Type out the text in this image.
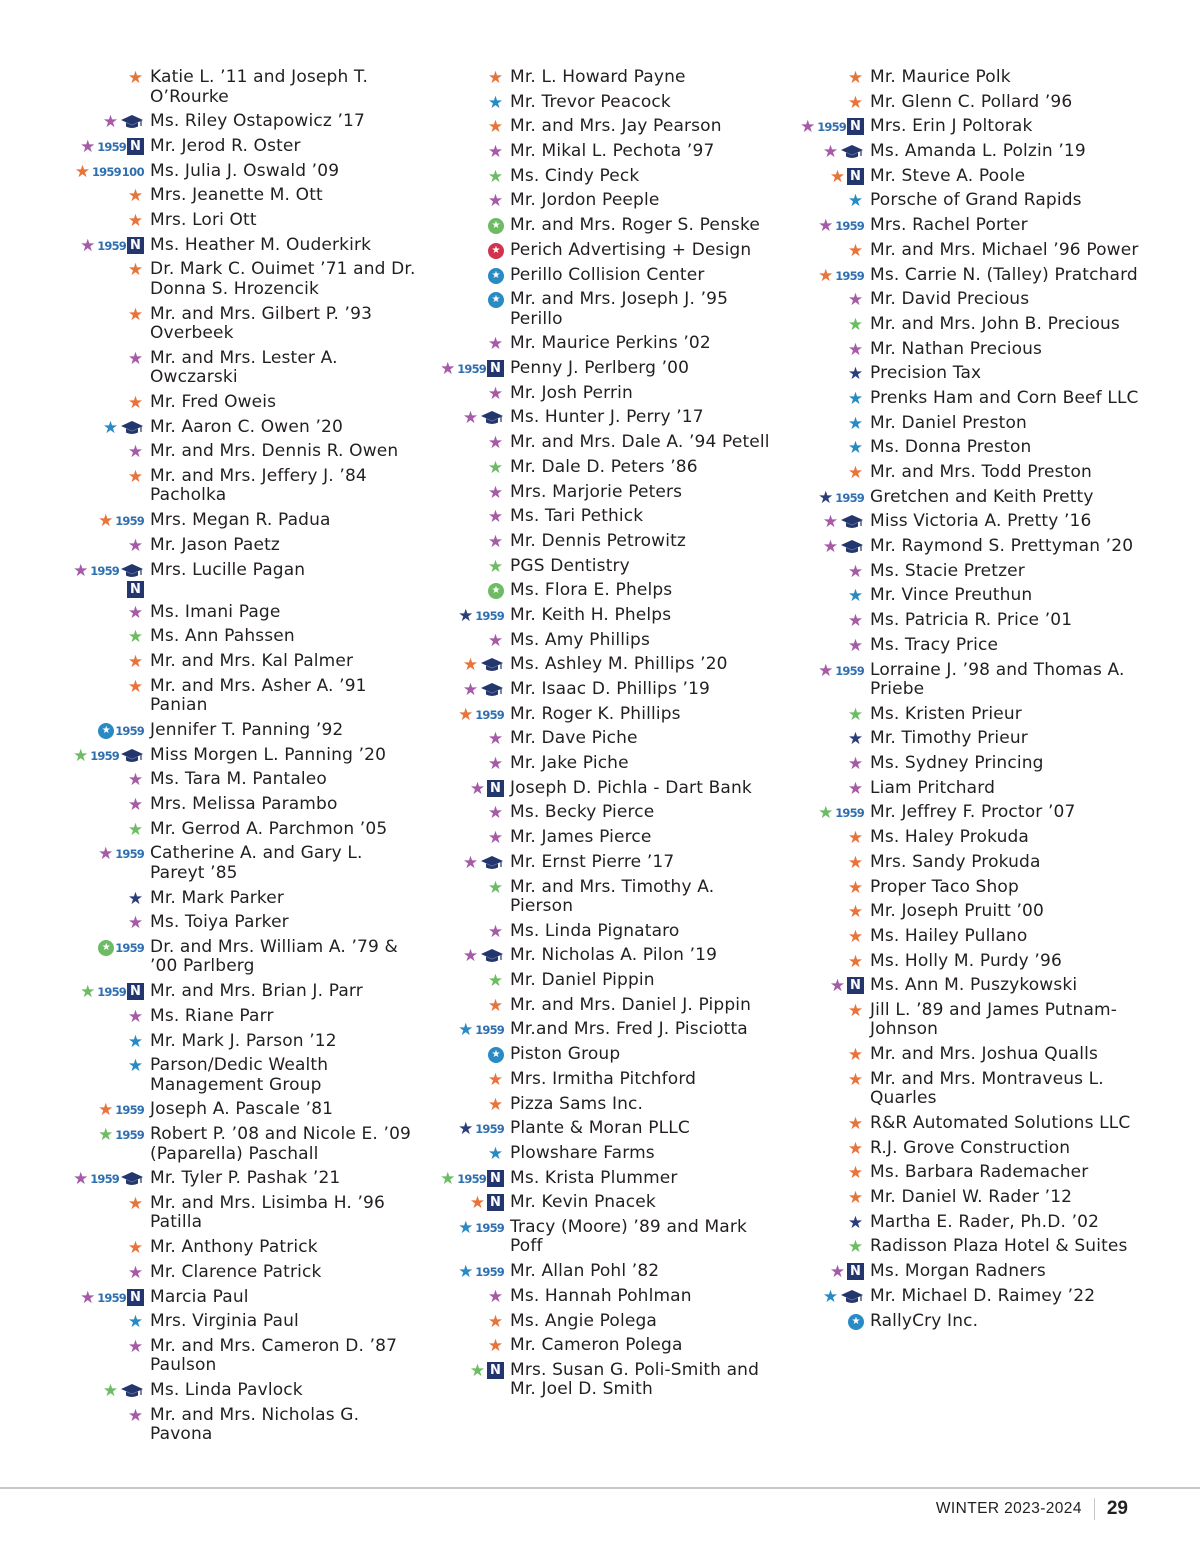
★ Katie L. ’11 and Joseph T. O’Rourke
★ Ms. Riley Ostapowicz ’17
★ 1959 N Mr. Jerod R. Oster
★ 1959 100 Ms. Julia J. Oswald ’09
★ Mrs. Jeanette M. Ott
★ Mrs. Lori Ott
★ 1959 N Ms. Heather M. Ouderkirk
★ Dr. Mark C. Ouimet ’71 and Dr. Donna S. Hrozencik
★ Mr. and Mrs. Gilbert P. ’93 Overbeek
★ Mr. and Mrs. Lester A. Owczarski
★ Mr. Fred Oweis
★ Mr. Aaron C. Owen ’20
★ Mr. and Mrs. Dennis R. Owen
★ Mr. and Mrs. Jeffery J. ’84 Pacholka
★ 1959 Mrs. Megan R. Padua
★ Mr. Jason Paetz
★ 1959
N
Mrs. Lucille Pagan
★ Ms. Imani Page
★ Ms. Ann Pahssen
★ Mr. and Mrs. Kal Palmer
★ Mr. and Mrs. Asher A. ’91 Panian
★ 1959 Jennifer T. Panning ’92
★ 1959 Miss Morgen L. Panning ’20
★ Ms. Tara M. Pantaleo
★ Mrs. Melissa Parambo
★ Mr. Gerrod A. Parchmon ’05
★ 1959 Catherine A. and Gary L. Pareyt ’85
★ Mr. Mark Parker
★ Ms. Toiya Parker
★ 1959 Dr. and Mrs. William A. ’79 & ’00 Parlberg
★ 1959 N Mr. and Mrs. Brian J. Parr
★ Ms. Riane Parr
★ Mr. Mark J. Parson ’12
★ Parson/Dedic Wealth Management Group
★ 1959 Joseph A. Pascale ’81
★ 1959 Robert P. ’08 and Nicole E. ’09 (Paparella) Paschall
★ 1959 Mr. Tyler P. Pashak ’21
★ Mr. and Mrs. Lisimba H. ’96 Patilla
★ Mr. Anthony Patrick
★ Mr. Clarence Patrick
★ 1959 N Marcia Paul
★ Mrs. Virginia Paul
★ Mr. and Mrs. Cameron D. ’87 Paulson
★ Ms. Linda Pavlock
★ Mr. and Mrs. Nicholas G. Pavona
★ Mr. L. Howard Payne
★ Mr. Trevor Peacock
★ Mr. and Mrs. Jay Pearson
★ Mr. Mikal L. Pechota ’97
★ Ms. Cindy Peck
★ Mr. Jordon Peeple
★ Mr. and Mrs. Roger S. Penske
★ Perich Advertising + Design
★ Perillo Collision Center
★ Mr. and Mrs. Joseph J. ’95 Perillo
★ Mr. Maurice Perkins ’02
★ 1959 N Penny J. Perlberg ’00
★ Mr. Josh Perrin
★ Ms. Hunter J. Perry ’17
★ Mr. and Mrs. Dale A. ’94 Petell
★ Mr. Dale D. Peters ’86
★ Mrs. Marjorie Peters
★ Ms. Tari Pethick
★ Mr. Dennis Petrowitz
★ PGS Dentistry
★ Ms. Flora E. Phelps
★ 1959 Mr. Keith H. Phelps
★ Ms. Amy Phillips
★ Ms. Ashley M. Phillips ’20
★ Mr. Isaac D. Phillips ’19
★ 1959 Mr. Roger K. Phillips
★ Mr. Dave Piche
★ Mr. Jake Piche
★ N Joseph D. Pichla - Dart Bank
★ Ms. Becky Pierce
★ Mr. James Pierce
★ Mr. Ernst Pierre ’17
★ Mr. and Mrs. Timothy A. Pierson
★ Ms. Linda Pignataro
★ Mr. Nicholas A. Pilon ’19
★ Mr. Daniel Pippin
★ Mr. and Mrs. Daniel J. Pippin
★ 1959 Mr.and Mrs. Fred J. Pisciotta
★ Piston Group
★ Mrs. Irmitha Pitchford
★ Pizza Sams Inc.
★ 1959 Plante & Moran PLLC
★ Plowshare Farms
★ 1959 N Ms. Krista Plummer
★ N Mr. Kevin Pnacek
★ 1959 Tracy (Moore) ’89 and Mark Poff
★ 1959 Mr. Allan Pohl ’82
★ Ms. Hannah Pohlman
★ Ms. Angie Polega
★ Mr. Cameron Polega
★ N Mrs. Susan G. Poli-Smith and Mr. Joel D. Smith
★ Mr. Maurice Polk
★ Mr. Glenn C. Pollard ’96
★ 1959 N Mrs. Erin J Poltorak
★ Ms. Amanda L. Polzin ’19
★ N Mr. Steve A. Poole
★ Porsche of Grand Rapids
★ 1959 Mrs. Rachel Porter
★ Mr. and Mrs. Michael ’96 Power
★ 1959 Ms. Carrie N. (Talley) Pratchard
★ Mr. David Precious
★ Mr. and Mrs. John B. Precious
★ Mr. Nathan Precious
★ Precision Tax
★ Prenks Ham and Corn Beef LLC
★ Mr. Daniel Preston
★ Ms. Donna Preston
★ Mr. and Mrs. Todd Preston
★ 1959 Gretchen and Keith Pretty
★ Miss Victoria A. Pretty ’16
★ Mr. Raymond S. Prettyman ’20
★ Ms. Stacie Pretzer
★ Mr. Vince Preuthun
★ Ms. Patricia R. Price ’01
★ Ms. Tracy Price
★ 1959 Lorraine J. ’98 and Thomas A. Priebe
★ Ms. Kristen Prieur
★ Mr. Timothy Prieur
★ Ms. Sydney Princing
★ Liam Pritchard
★ 1959 Mr. Jeffrey F. Proctor ’07
★ Ms. Haley Prokuda
★ Mrs. Sandy Prokuda
★ Proper Taco Shop
★ Mr. Joseph Pruitt ’00
★ Ms. Hailey Pullano
★ Ms. Holly M. Purdy ’96
★ N Ms. Ann M. Puszykowski
★ Jill L. ’89 and James Putnam-Johnson
★ Mr. and Mrs. Joshua Qualls
★ Mr. and Mrs. Montraveus L. Quarles
★ R&R Automated Solutions LLC
★ R.J. Grove Construction
★ Ms. Barbara Rademacher
★ Mr. Daniel W. Rader ’12
★ Martha E. Rader, Ph.D. ’02
★ Radisson Plaza Hotel & Suites
★ N Ms. Morgan Radners
★ Mr. Michael D. Raimey ’22
★ RallyCry Inc.
WINTER 2023-2024 29
